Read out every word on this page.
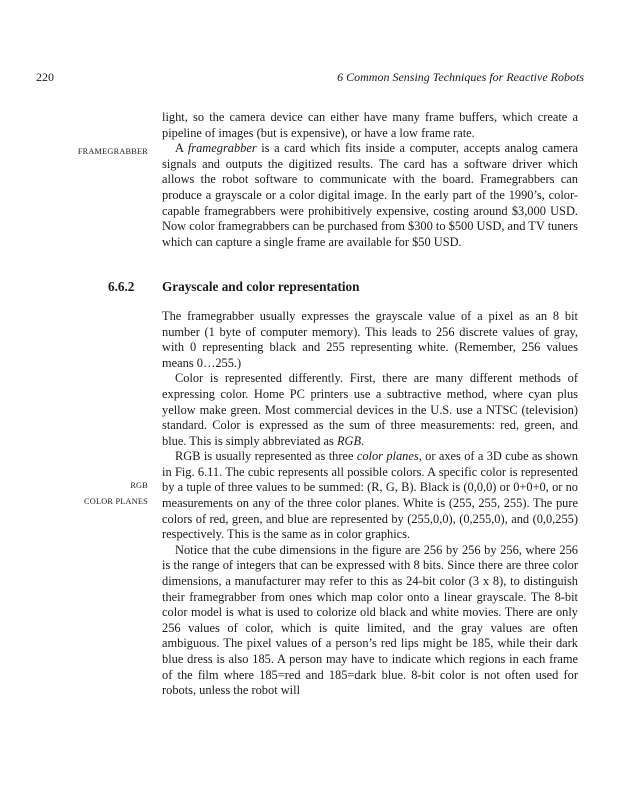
220	6 Common Sensing Techniques for Reactive Robots
FRAMEGRABBER
RGB
COLOR PLANES

light, so the camera device can either have many frame buffers, which create a pipeline of images (but is expensive), or have a low frame rate.

A framegrabber is a card which fits inside a computer, accepts analog camera signals and outputs the digitized results. The card has a software driver which allows the robot software to communicate with the board. Framegrabbers can produce a grayscale or a color digital image. In the early part of the 1990’s, color-capable framegrabbers were prohibitively expensive, costing around $3,000 USD. Now color framegrabbers can be purchased from $300 to $500 USD, and TV tuners which can capture a single frame are available for $50 USD.

6.6.2	Grayscale and color representation

The framegrabber usually expresses the grayscale value of a pixel as an 8 bit number (1 byte of computer memory). This leads to 256 discrete values of gray, with 0 representing black and 255 representing white. (Remember, 256 values means 0…255.)

Color is represented differently. First, there are many different methods of expressing color. Home PC printers use a subtractive method, where cyan plus yellow make green. Most commercial devices in the U.S. use a NTSC (television) standard. Color is expressed as the sum of three measurements: red, green, and blue. This is simply abbreviated as RGB.

RGB is usually represented as three color planes, or axes of a 3D cube as shown in Fig. 6.11. The cubic represents all possible colors. A specific color is represented by a tuple of three values to be summed: (R, G, B). Black is (0,0,0) or 0+0+0, or no measurements on any of the three color planes. White is (255, 255, 255). The pure colors of red, green, and blue are represented by (255,0,0), (0,255,0), and (0,0,255) respectively. This is the same as in color graphics.

Notice that the cube dimensions in the figure are 256 by 256 by 256, where 256 is the range of integers that can be expressed with 8 bits. Since there are three color dimensions, a manufacturer may refer to this as 24-bit color (3 x 8), to distinguish their framegrabber from ones which map color onto a linear grayscale. The 8-bit color model is what is used to colorize old black and white movies. There are only 256 values of color, which is quite limited, and the gray values are often ambiguous. The pixel values of a person’s red lips might be 185, while their dark blue dress is also 185. A person may have to indicate which regions in each frame of the film where 185=red and 185=dark blue. 8-bit color is not often used for robots, unless the robot will
